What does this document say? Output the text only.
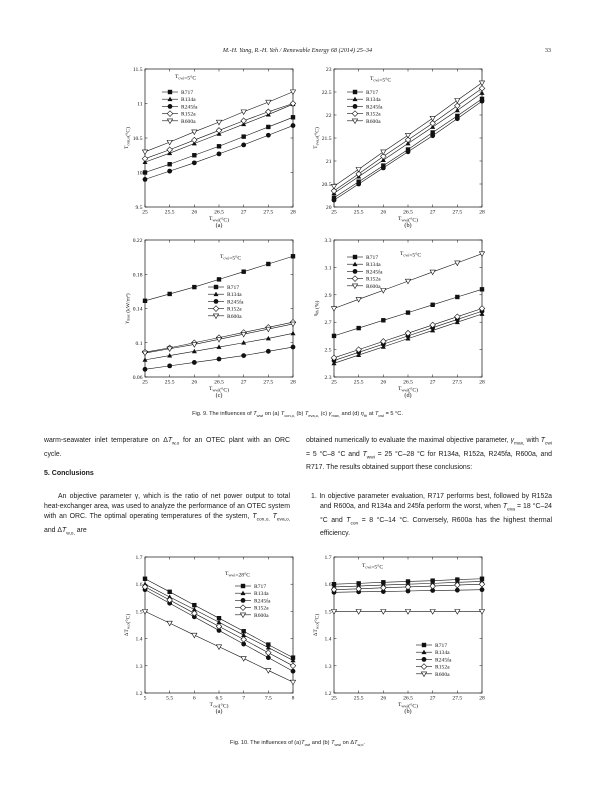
M.-H. Yang, R.-H. Yeh / Renewable Energy 68 (2014) 25–34	33
25	25.5	26	26.5	27	27.5	28
9.5
10
10.5
11
11.5
$T_{wwi}(^\circ C)$
$T_{con,o}(^\circ C)$
(a)
$T_{cwi}=5^\circ C$
R717
R134a
R245fa
R152a
R600a
25	25.5	26	26.5	27	27.5	28
20
20.5
21
21.5
22
22.5
23
$T_{wwi}(^\circ C)$
$T_{eva,o}(^\circ C)$
(b)
$T_{cwi}=5^\circ C$
R717
R134a
R245fa
R152a
R600a
25	25.5	26	26.5	27	27.5	28
0.06
0.1
0.14
0.18
0.22
$T_{wwi}(^\circ C)$
$\gamma_{max}$ (kW/m²)
(c)
$T_{cwi}=5^\circ C$
R717
R134a
R245fa
R152a
R600a
25	25.5	26	26.5	27	27.5	28
2.3
2.5
2.7
2.9
3.1
3.3
$T_{wwi}(^\circ C)$
$\eta_{th}$ (%)
(d)
$T_{cwi}=5^\circ C$
R717
R134a
R245fa
R152a
R600a
Fig. 9. The influences of $T_{wwi}$ on (a) $T_{con,o,}$ (b) $T_{eva,o,}$ (c) $\gamma_{max,}$ and (d) $\eta_{th}$ at $T_{cwi} = 5$ °C.
warm-seawater inlet temperature on $\Delta T_{w,o}$ for an OTEC plant with an ORC cycle.
5. Conclusions
An objective parameter γ, which is the ratio of net power output to total heat-exchanger area, was used to analyze the performance of an OTEC system with an ORC. The optimal operating temperatures of the system, $T_{con,o,}$ $T_{eva,o,}$ and $\Delta T_{w,o,}$ are
obtained numerically to evaluate the maximal objective parameter, $\gamma_{max,}$ with $T_{cwi} = 5$ °C–8 °C and $T_{wwi} = 25$ °C–28 °C for R134a, R152a, R245fa, R600a, and R717. The results obtained support these conclusions:
1. In objective parameter evaluation, R717 performs best, followed by R152a and R600a, and R134a and 245fa perform the worst, when $T_{eva} = 18$ °C–24 °C and $T_{con} = 8$ °C–14 °C. Conversely, R600a has the highest thermal efficiency.
5	5.5	6	6.5	7	7.5	8
1.2
1.3
1.4
1.5
1.6
1.7
$T_{cwi}(^\circ C)$
$\Delta T_{w,o}(^\circ C)$
(a)
$T_{wwi}=28^\circ C$
R717
R134a
R245fa
R152a
R600a
25	25.5	26	26.5	27	27.5	28
1.2
1.3
1.4
1.5
1.6
1.7
$T_{wwi}(^\circ C)$
$\Delta T_{w,o}(^\circ C)$
(b)
$T_{cwi}=5^\circ C$
R717
R134a
R245fa
R152a
R600a
Fig. 10. The influences of $(a)T_{cwi}$ and (b) $T_{wwi}$ on $\Delta T_{w,o}$.
